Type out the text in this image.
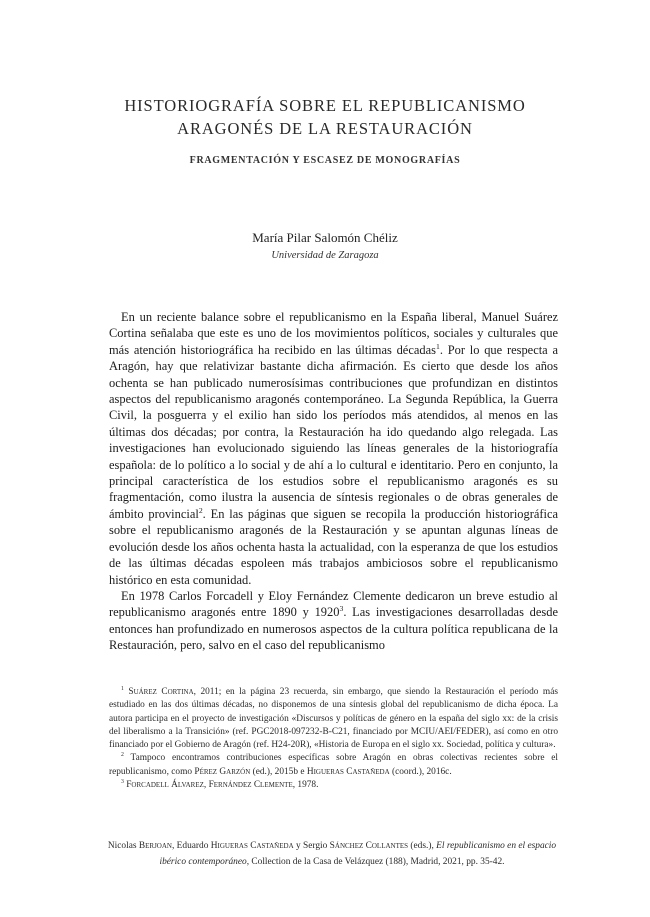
HISTORIOGRAFÍA SOBRE EL REPUBLICANISMO
ARAGONÉS DE LA RESTAURACIÓN
FRAGMENTACIÓN Y ESCASEZ DE MONOGRAFÍAS
María Pilar Salomón Chéliz
Universidad de Zaragoza

En un reciente balance sobre el republicanismo en la España liberal, Manuel Suárez Cortina señalaba que este es uno de los movimientos políticos, sociales y culturales que más atención historiográfica ha recibido en las últimas décadas$^1$. Por lo que respecta a Aragón, hay que relativizar bastante dicha afirmación. Es cierto que desde los años ochenta se han publicado numerosísimas contribuciones que profundizan en distintos aspectos del republicanismo aragonés contemporáneo. La Segunda República, la Guerra Civil, la posguerra y el exilio han sido los períodos más atendidos, al menos en las últimas dos décadas; por contra, la Restauración ha ido quedando algo relegada. Las investigaciones han evolucionado siguiendo las líneas generales de la historiografía española: de lo político a lo social y de ahí a lo cultural e identitario. Pero en conjunto, la principal característica de los estudios sobre el republicanismo aragonés es su fragmentación, como ilustra la ausencia de síntesis regionales o de obras generales de ámbito provincial$^2$. En las páginas que siguen se recopila la producción historiográfica sobre el republicanismo aragonés de la Restauración y se apuntan algunas líneas de evolución desde los años ochenta hasta la actualidad, con la esperanza de que los estudios de las últimas décadas espoleen más trabajos ambiciosos sobre el republicanismo histórico en esta comunidad.

En 1978 Carlos Forcadell y Eloy Fernández Clemente dedicaron un breve estudio al republicanismo aragonés entre 1890 y 1920$^3$. Las investigaciones desarrolladas desde entonces han profundizado en numerosos aspectos de la cultura política republicana de la Restauración, pero, salvo en el caso del republicanismo

$^1$ Suárez Cortina, 2011; en la página 23 recuerda, sin embargo, que siendo la Restauración el período más estudiado en las dos últimas décadas, no disponemos de una síntesis global del republicanismo de dicha época. La autora participa en el proyecto de investigación «Discursos y políticas de género en la españa del siglo xx: de la crisis del liberalismo a la Transición» (ref. PGC2018-097232-B-C21, financiado por MCIU/AEI/FEDER), así como en otro financiado por el Gobierno de Aragón (ref. H24-20R), «Historia de Europa en el siglo xx. Sociedad, política y cultura».

$^2$ Tampoco encontramos contribuciones específicas sobre Aragón en obras colectivas recientes sobre el republicanismo, como Pérez Garzón (ed.), 2015b e Higueras Castañeda (coord.), 2016c.

$^3$ Forcadell Álvarez, Fernández Clemente, 1978.

Nicolas Berjoan, Eduardo Higueras Castañeda y Sergio Sánchez Collantes (eds.), El republicanismo en el espacio ibérico contemporáneo, Collection de la Casa de Velázquez (188), Madrid, 2021, pp. 35-42.
